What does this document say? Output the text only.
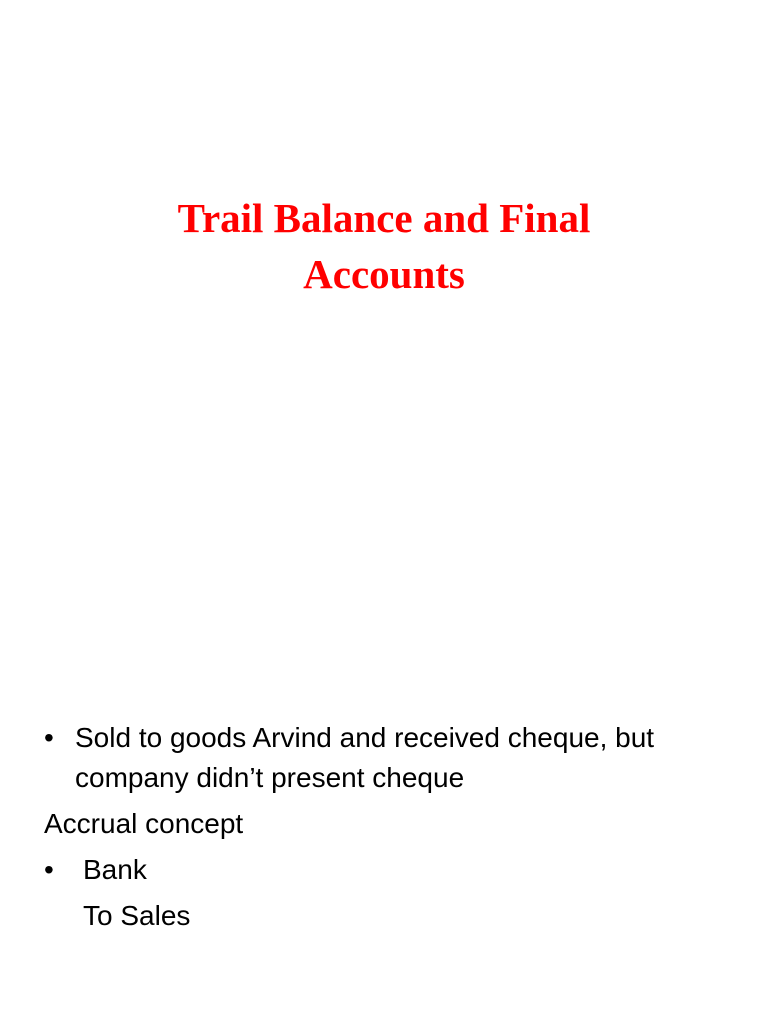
Trail Balance and Final
Accounts
• Sold to goods Arvind and received cheque, but
company didn’t present cheque
Accrual concept
• Bank
To Sales
